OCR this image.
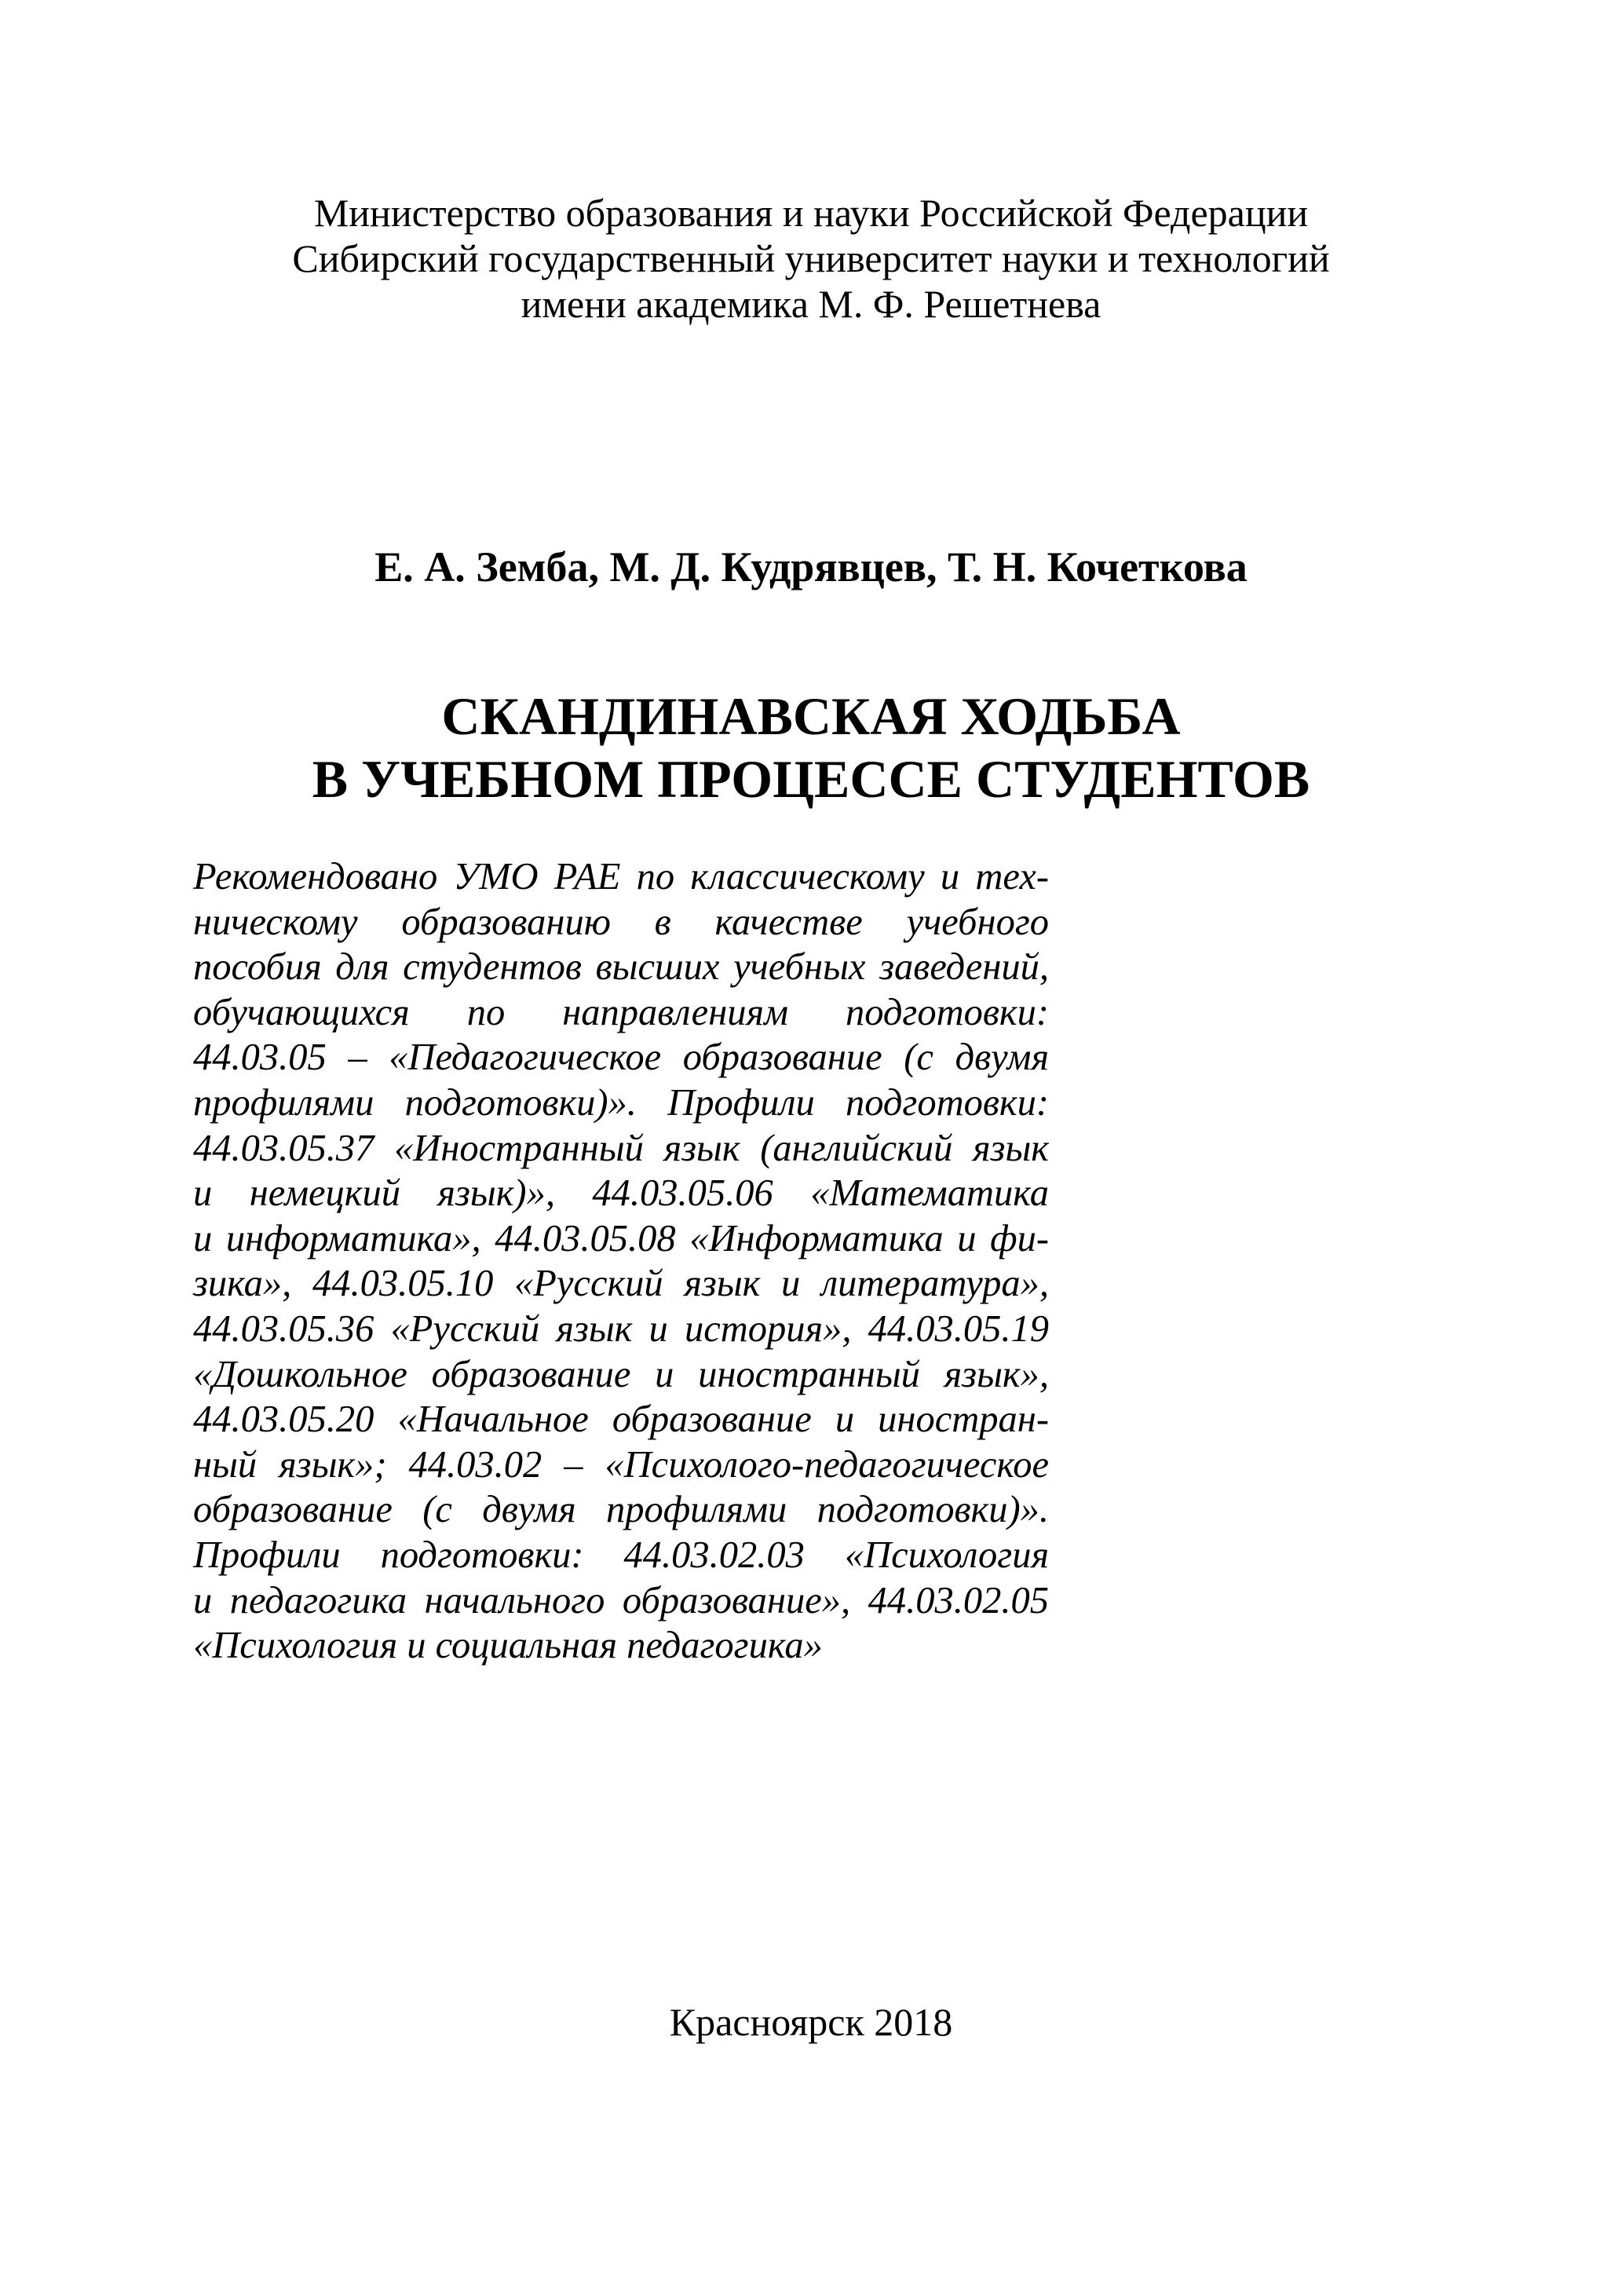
Министерство образования и науки Российской Федерации
Сибирский государственный университет науки и технологий
имени академика М. Ф. Решетнева
Е. А. Земба, М. Д. Кудрявцев, Т. Н. Кочеткова
СКАНДИНАВСКАЯ ХОДЬБА
В УЧЕБНОМ ПРОЦЕССЕ СТУДЕНТОВ
Рекомендовано УМО РАЕ по классическому и тех-
ническому образованию в качестве учебного
пособия для студентов высших учебных заведений,
обучающихся по направлениям подготовки:
44.03.05 – «Педагогическое образование (с двумя
профилями подготовки)». Профили подготовки:
44.03.05.37 «Иностранный язык (английский язык
и немецкий язык)», 44.03.05.06 «Математика
и информатика», 44.03.05.08 «Информатика и фи-
зика», 44.03.05.10 «Русский язык и литература»,
44.03.05.36 «Русский язык и история», 44.03.05.19
«Дошкольное образование и иностранный язык»,
44.03.05.20 «Начальное образование и иностран-
ный язык»; 44.03.02 – «Психолого-педагогическое
образование (с двумя профилями подготовки)».
Профили подготовки: 44.03.02.03 «Психология
и педагогика начального образование», 44.03.02.05
«Психология и социальная педагогика»
Красноярск 2018
